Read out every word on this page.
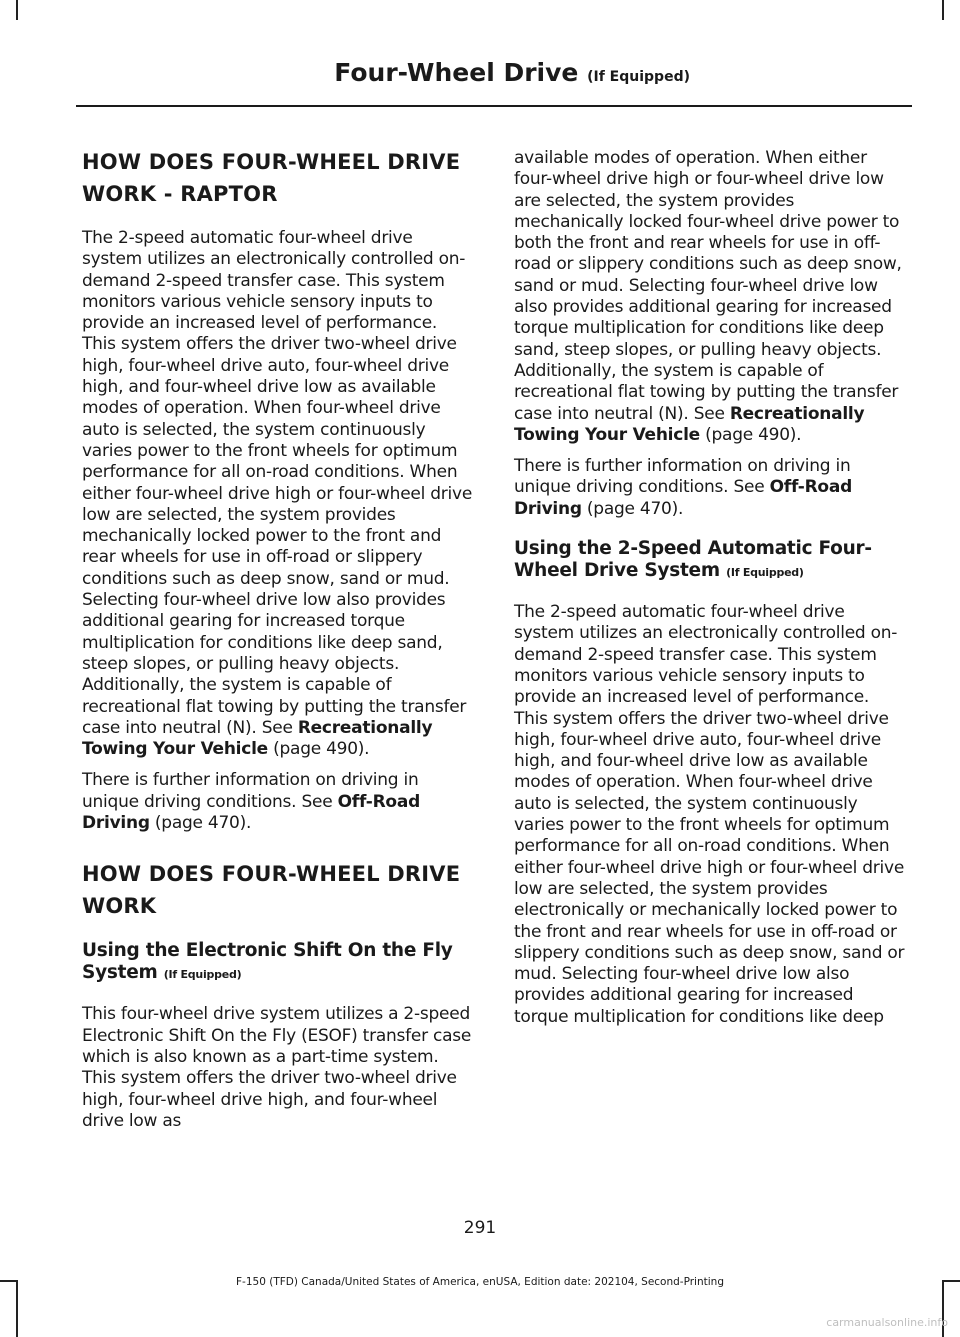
Four-Wheel Drive (If Equipped)
HOW DOES FOUR-WHEEL DRIVE WORK - RAPTOR

The 2-speed automatic four-wheel drive system utilizes an electronically controlled on-demand 2-speed transfer case. This system monitors various vehicle sensory inputs to provide an increased level of performance. This system offers the driver two-wheel drive high, four-wheel drive auto, four-wheel drive high, and four-wheel drive low as available modes of operation. When four-wheel drive auto is selected, the system continuously varies power to the front wheels for optimum performance for all on-road conditions. When either four-wheel drive high or four-wheel drive low are selected, the system provides mechanically locked power to the front and rear wheels for use in off-road or slippery conditions such as deep snow, sand or mud. Selecting four-wheel drive low also provides additional gearing for increased torque multiplication for conditions like deep sand, steep slopes, or pulling heavy objects. Additionally, the system is capable of recreational flat towing by putting the transfer case into neutral (N). See Recreationally Towing Your Vehicle (page 490).

There is further information on driving in unique driving conditions. See Off-Road Driving (page 470).

HOW DOES FOUR-WHEEL DRIVE WORK
Using the Electronic Shift On the Fly System (If Equipped)

This four-wheel drive system utilizes a 2-speed Electronic Shift On the Fly (ESOF) transfer case which is also known as a part-time system. This system offers the driver two-wheel drive high, four-wheel drive high, and four-wheel drive low as

available modes of operation. When either four-wheel drive high or four-wheel drive low are selected, the system provides mechanically locked four-wheel drive power to both the front and rear wheels for use in off-road or slippery conditions such as deep snow, sand or mud. Selecting four-wheel drive low also provides additional gearing for increased torque multiplication for conditions like deep sand, steep slopes, or pulling heavy objects. Additionally, the system is capable of recreational flat towing by putting the transfer case into neutral (N). See Recreationally Towing Your Vehicle (page 490).

There is further information on driving in unique driving conditions. See Off-Road Driving (page 470).

Using the 2-Speed Automatic Four-Wheel Drive System (If Equipped)

The 2-speed automatic four-wheel drive system utilizes an electronically controlled on-demand 2-speed transfer case. This system monitors various vehicle sensory inputs to provide an increased level of performance. This system offers the driver two-wheel drive high, four-wheel drive auto, four-wheel drive high, and four-wheel drive low as available modes of operation. When four-wheel drive auto is selected, the system continuously varies power to the front wheels for optimum performance for all on-road conditions. When either four-wheel drive high or four-wheel drive low are selected, the system provides electronically or mechanically locked power to the front and rear wheels for use in off-road or slippery conditions such as deep snow, sand or mud. Selecting four-wheel drive low also provides additional gearing for increased torque multiplication for conditions like deep

291
F-150 (TFD) Canada/United States of America, enUSA, Edition date: 202104, Second-Printing
carmanualsonline.info
